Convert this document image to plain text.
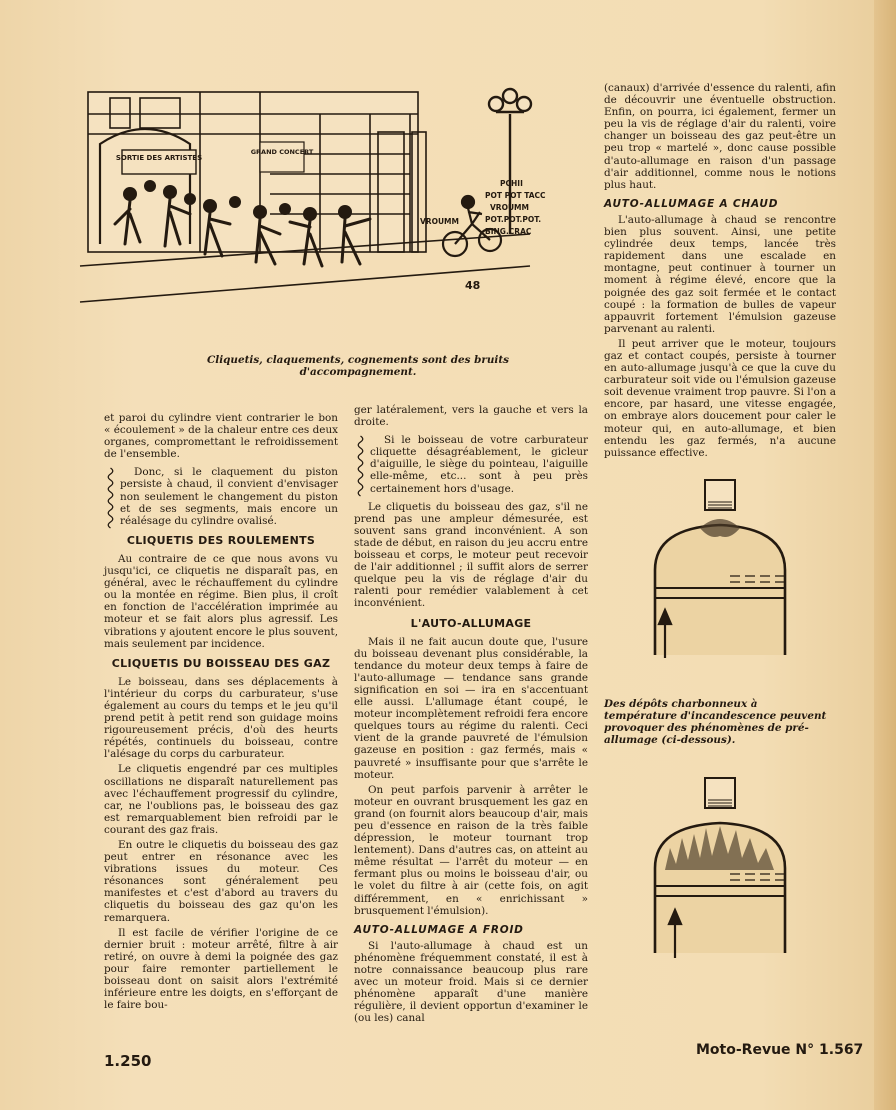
SORTIE DES ARTISTES
GRAND CONCERT
PCHII
POT POT TACC
VROUMM
VROUMM	POT.POT.POT.
BING.CRAC
48
Cliquetis, claquements, cognements sont des bruits d'accompagnement.

et paroi du cylindre vient contrarier le bon « écoulement » de la chaleur entre ces deux organes, compromettant le refroidissement de l'ensemble.

Donc, si le claquement du piston persiste à chaud, il convient d'envisager non seulement le changement du piston et de ses segments, mais encore un réalésage du cylindre ovalisé.

CLIQUETIS DES ROULEMENTS

Au contraire de ce que nous avons vu jusqu'ici, ce cliquetis ne disparaît pas, en général, avec le réchauffement du cylindre ou la montée en régime. Bien plus, il croît en fonction de l'accélération imprimée au moteur et se fait alors plus agressif. Les vibrations y ajoutent encore le plus souvent, mais seulement par incidence.

CLIQUETIS DU BOISSEAU DES GAZ

Le boisseau, dans ses déplacements à l'intérieur du corps du carburateur, s'use également au cours du temps et le jeu qu'il prend petit à petit rend son guidage moins rigoureusement précis, d'où des heurts répétés, continuels du boisseau, contre l'alésage du corps du carburateur.

Le cliquetis engendré par ces multiples oscillations ne disparaît naturellement pas avec l'échauffement progressif du cylindre, car, ne l'oublions pas, le boisseau des gaz est remarquablement bien refroidi par le courant des gaz frais.

En outre le cliquetis du boisseau des gaz peut entrer en résonance avec les vibrations issues du moteur. Ces résonances sont généralement peu manifestes et c'est d'abord au travers du cliquetis du boisseau des gaz qu'on les remarquera.

Il est facile de vérifier l'origine de ce dernier bruit : moteur arrêté, filtre à air retiré, on ouvre à demi la poignée des gaz pour faire remonter partiellement le boisseau dont on saisit alors l'extrémité inférieure entre les doigts, en s'efforçant de le faire bou-

ger latéralement, vers la gauche et vers la droite.

Si le boisseau de votre carburateur cliquette désagréablement, le gicleur d'aiguille, le siège du pointeau, l'aiguille elle-même, etc... sont à peu près certainement hors d'usage.

Le cliquetis du boisseau des gaz, s'il ne prend pas une ampleur démesurée, est souvent sans grand inconvénient. A son stade de début, en raison du jeu accru entre boisseau et corps, le moteur peut recevoir de l'air additionnel ; il suffit alors de serrer quelque peu la vis de réglage d'air du ralenti pour remédier valablement à cet inconvénient.

L'AUTO-ALLUMAGE

Mais il ne fait aucun doute que, l'usure du boisseau devenant plus considérable, la tendance du moteur deux temps à faire de l'auto-allumage — tendance sans grande signification en soi — ira en s'accentuant elle aussi. L'allumage étant coupé, le moteur incomplètement refroidi fera encore quelques tours au régime du ralenti. Ceci vient de la grande pauvreté de l'émulsion gazeuse en position : gaz fermés, mais « pauvreté » insuffisante pour que s'arrête le moteur.

On peut parfois parvenir à arrêter le moteur en ouvrant brusquement les gaz en grand (on fournit alors beaucoup d'air, mais peu d'essence en raison de la très faible dépression, le moteur tournant trop lentement). Dans d'autres cas, on atteint au même résultat — l'arrêt du moteur — en fermant plus ou moins le boisseau d'air, ou le volet du filtre à air (cette fois, on agit différemment, en « enrichissant » brusquement l'émulsion).

AUTO-ALLUMAGE A FROID

Si l'auto-allumage à chaud est un phénomène fréquemment constaté, il est à notre connaissance beaucoup plus rare avec un moteur froid. Mais si ce dernier phénomène apparaît d'une manière régulière, il devient opportun d'examiner le (ou les) canal

(canaux) d'arrivée d'essence du ralenti, afin de découvrir une éventuelle obstruction. Enfin, on pourra, ici également, fermer un peu la vis de réglage d'air du ralenti, voire changer un boisseau des gaz peut-être un peu trop « martelé », donc cause possible d'auto-allumage en raison d'un passage d'air additionnel, comme nous le notions plus haut.

AUTO-ALLUMAGE A CHAUD

L'auto-allumage à chaud se rencontre bien plus souvent. Ainsi, une petite cylindrée deux temps, lancée très rapidement dans une escalade en montagne, peut continuer à tourner un moment à régime élevé, encore que la poignée des gaz soit fermée et le contact coupé : la formation de bulles de vapeur appauvrit fortement l'émulsion gazeuse parvenant au ralenti.

Il peut arriver que le moteur, toujours gaz et contact coupés, persiste à tourner en auto-allumage jusqu'à ce que la cuve du carburateur soit vide ou l'émulsion gazeuse soit devenue vraiment trop pauvre. Si l'on a encore, par hasard, une vitesse engagée, on embraye alors doucement pour caler le moteur qui, en auto-allumage, et bien entendu les gaz fermés, n'a aucune puissance effective.

Des dépôts charbonneux à température d'incandescence peuvent provoquer des phénomènes de pré-allumage (ci-dessous).
1.250
Moto-Revue N° 1.567
